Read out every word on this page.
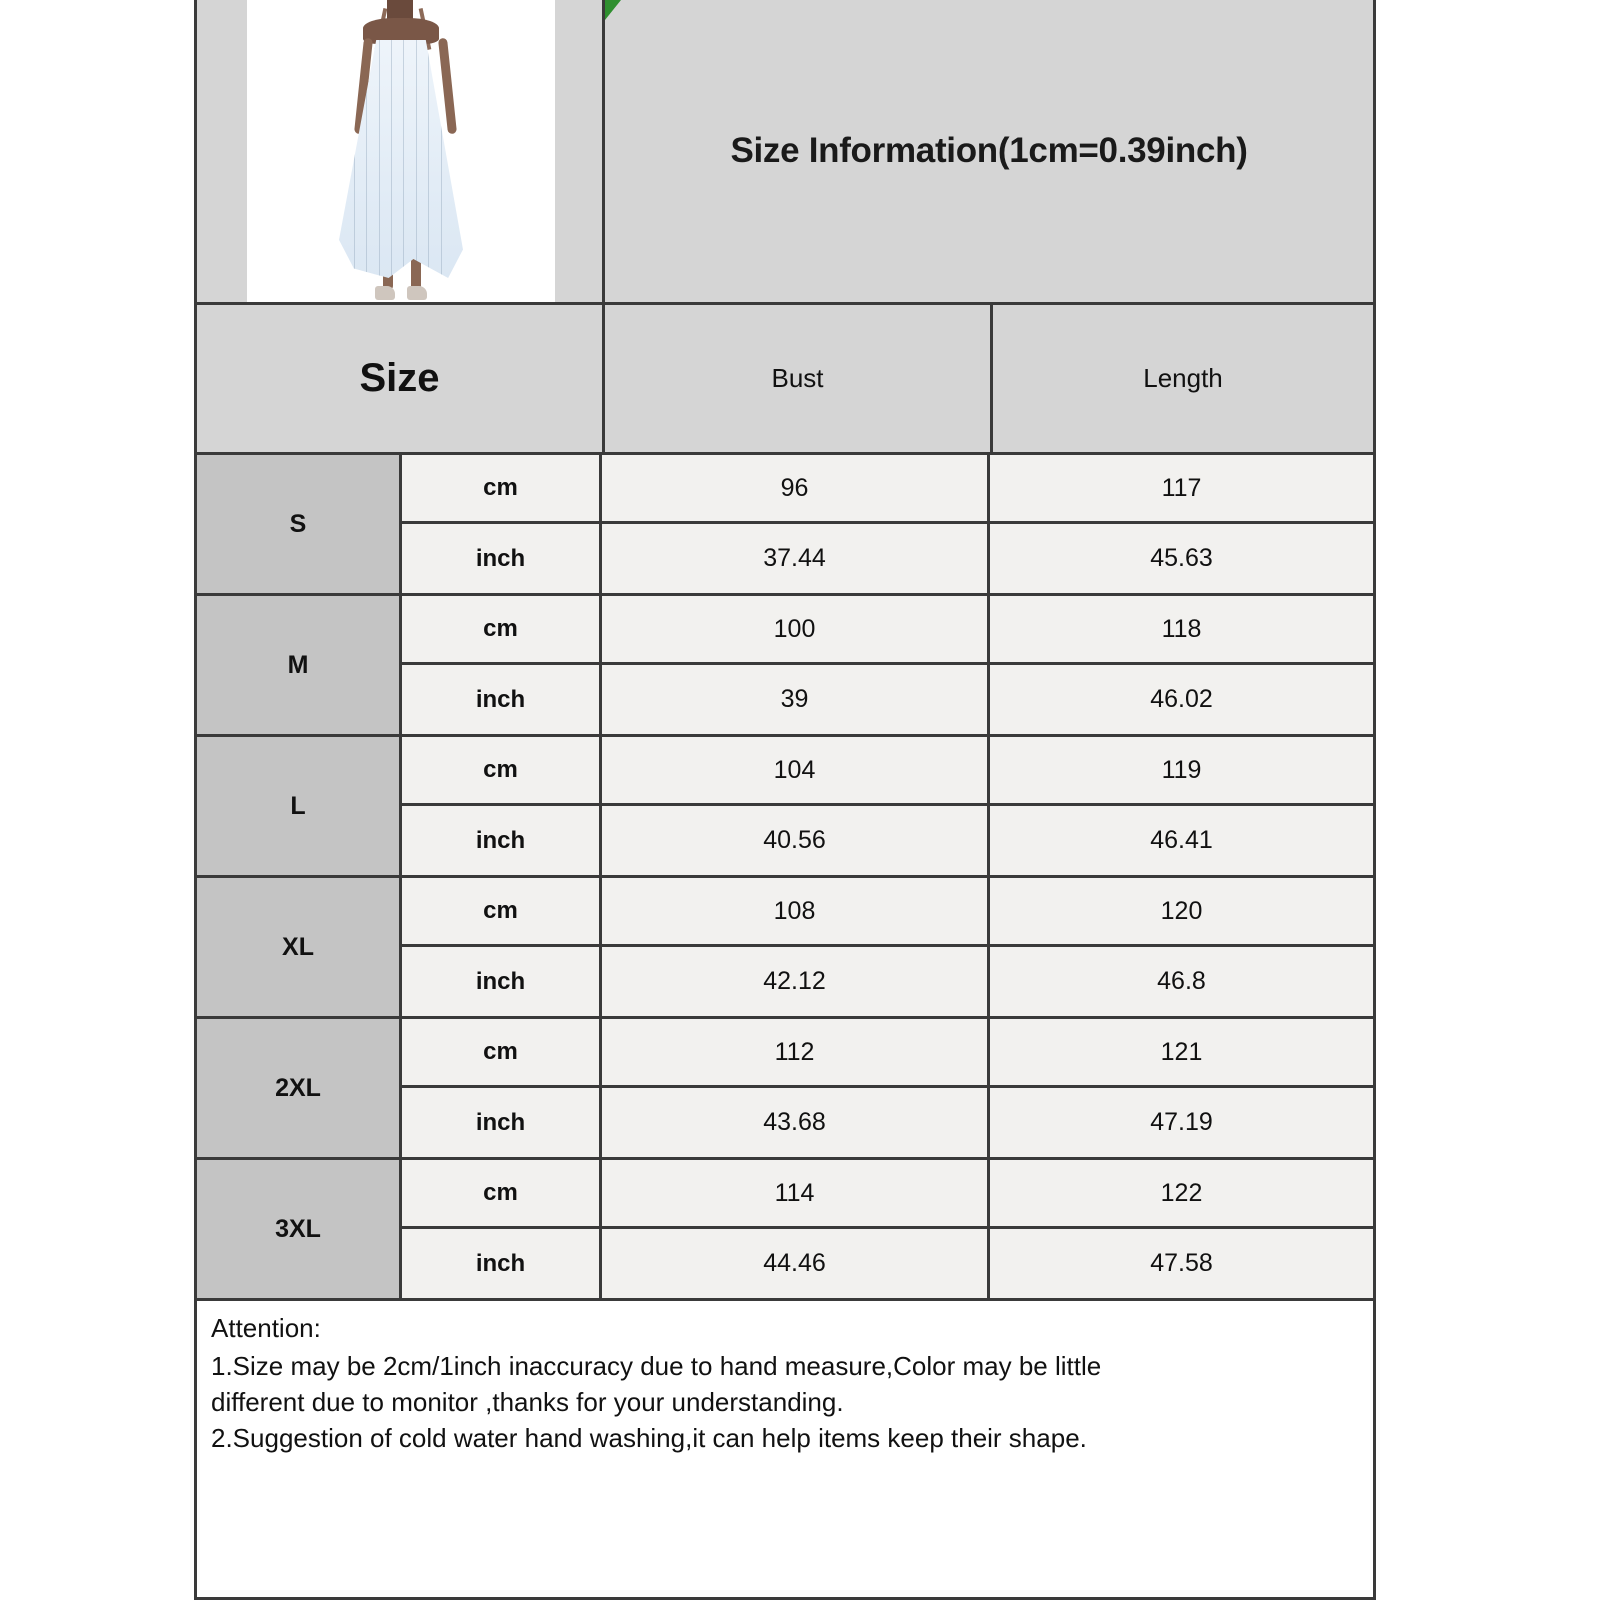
Size Information(1cm=0.39inch)
Size	Bust	Length
S
cm	96	117
inch	37.44	45.63
M
cm	100	118
inch	39	46.02
L
cm	104	119
inch	40.56	46.41
XL
cm	108	120
inch	42.12	46.8
2XL
cm	112	121
inch	43.68	47.19
3XL
cm	114	122
inch	44.46	47.58
Attention:
1.Size may be 2cm/1inch inaccuracy due to hand measure,Color may be little
different due to monitor ,thanks for your understanding.
2.Suggestion of cold water hand washing,it can help items keep their shape.
